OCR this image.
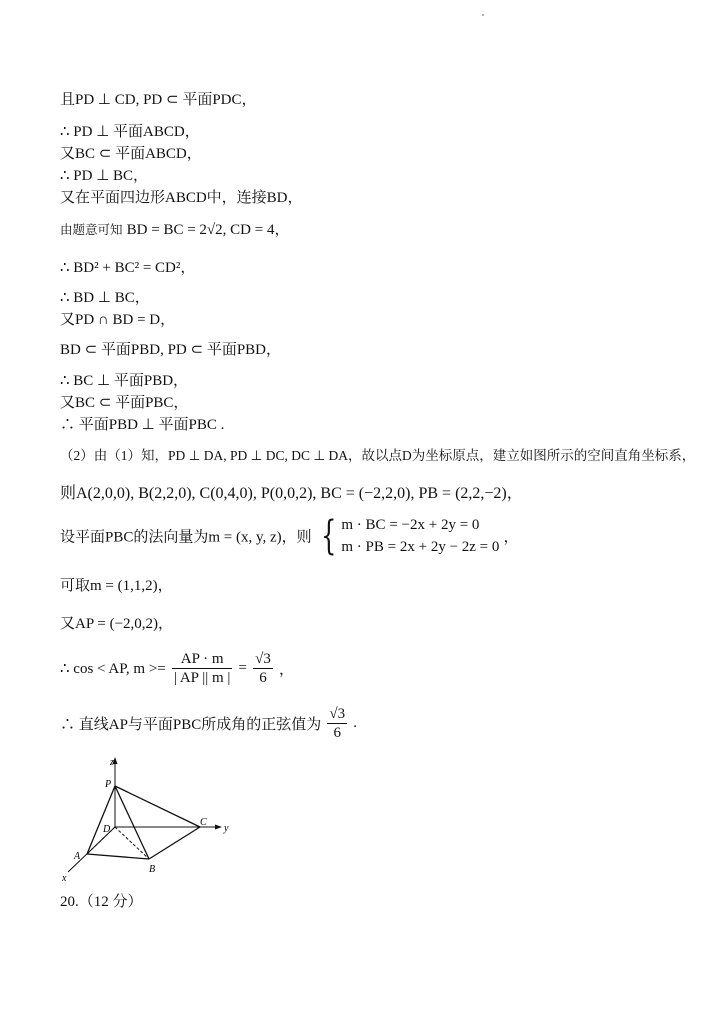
且PD ⊥ CD, PD ⊂ 平面PDC，
∴ PD ⊥ 平面ABCD，
又BC ⊂ 平面ABCD，
∴ PD ⊥ BC，
又在平面四边形ABCD中，连接BD，
由题意可知 BD = BC = 2√2, CD = 4，
∴ BD² + BC² = CD²，
∴ BD ⊥ BC，
又PD ∩ BD = D，
BD ⊂ 平面PBD, PD ⊂ 平面PBD，
∴ BC ⊥ 平面PBD，
又BC ⊂ 平面PBC，
∴ 平面PBD ⊥ 平面PBC .
（2）由（1）知，PD ⊥ DA, PD ⊥ DC, DC ⊥ DA，故以点D为坐标原点，建立如图所示的空间直角坐标系，
则A(2,0,0), B(2,2,0), C(0,4,0), P(0,0,2), BC = (−2,2,0), PB = (2,2,−2)，
设平面PBC的法向量为m = (x, y, z)，则 { m · BC = −2x + 2y = 0
m · PB = 2x + 2y − 2z = 0
，
可取m = (1,1,2)，
又AP = (−2,0,2)，
∴ cos < AP, $m >= \frac{AP \cdot m}{| AP || m |} = \frac{√3}{6}$ ，
∴ 直线AP与平面PBC所成角的正弦值为 $\frac{√3}{6}$ .
z
P
D
C
y
A
B
x
20.（12 分）
